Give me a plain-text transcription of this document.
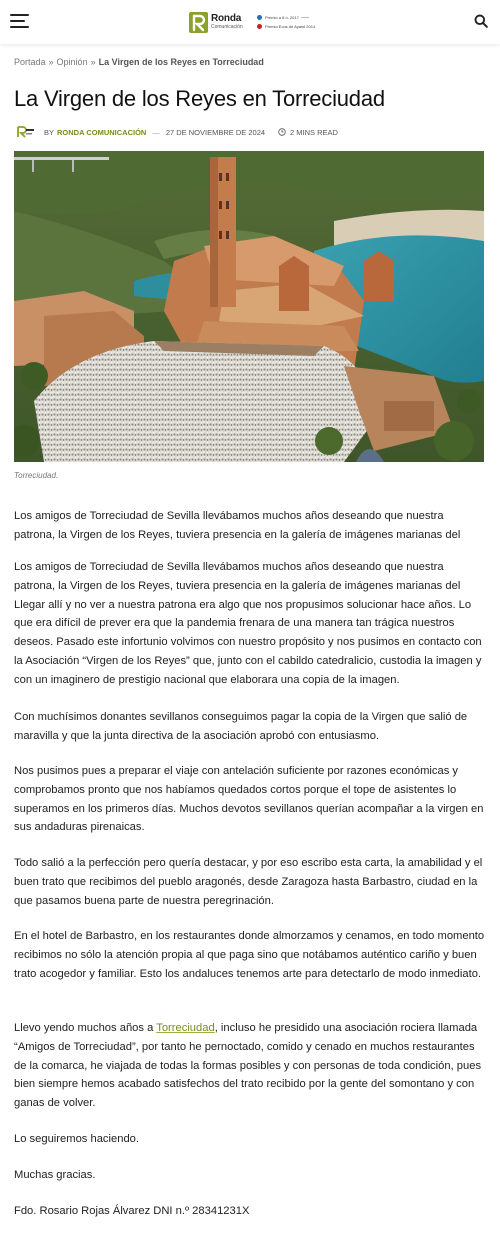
Ronda
Comunicación
Premio a 8 ó. 2017
Premio Ecos de Ayami 2014
Portada » Opinión » La Virgen de los Reyes en Torreciudad
La Virgen de los Reyes en Torreciudad
BY RONDA COMUNICACIÓN — 27 DE NOVIEMBRE DE 2024	2 MINS READ
Torreciudad.

Los amigos de Torreciudad de Sevilla llevábamos muchos años deseando que nuestra patrona, la Virgen de los Reyes, tuviera presencia en la galería de imágenes marianas del

Los amigos de Torreciudad de Sevilla llevábamos muchos años deseando que nuestra patrona, la Virgen de los Reyes, tuviera presencia en la galería de imágenes marianas del Llegar allí y no ver a nuestra patrona era algo que nos propusimos solucionar hace años. Lo que era difícil de prever era que la pandemia frenara de una manera tan trágica nuestros deseos. Pasado este infortunio volvimos con nuestro propósito y nos pusimos en contacto con la Asociación “Virgen de los Reyes” que, junto con el cabildo catedralicio, custodia la imagen y con un imaginero de prestigio nacional que elaborara una copia de la imagen.

Con muchísimos donantes sevillanos conseguimos pagar la copia de la Virgen que salió de maravilla y que la junta directiva de la asociación aprobó con entusiasmo.

Nos pusimos pues a preparar el viaje con antelación suficiente por razones económicas y comprobamos pronto que nos habíamos quedados cortos porque el tope de asistentes lo superamos en los primeros días. Muchos devotos sevillanos querían acompañar a la virgen en sus andaduras pirenaicas.

Todo salió a la perfección pero quería destacar, y por eso escribo esta carta, la amabilidad y el buen trato que recibimos del pueblo aragonés, desde Zaragoza hasta Barbastro, ciudad en la que pasamos buena parte de nuestra peregrinación.

En el hotel de Barbastro, en los restaurantes donde almorzamos y cenamos, en todo momento recibimos no sólo la atención propia al que paga sino que notábamos auténtico cariño y buen trato acogedor y familiar. Esto los andaluces tenemos arte para detectarlo de modo inmediato.

Llevo yendo muchos años a Torreciudad, incluso he presidido una asociación rociera llamada “Amigos de Torreciudad”, por tanto he pernoctado, comido y cenado en muchos restaurantes de la comarca, he viajada de todas la formas posibles y con personas de toda condición, pues bien siempre hemos acabado satisfechos del trato recibido por la gente del somontano y con ganas de volver.

Lo seguiremos haciendo.

Muchas gracias.

Fdo. Rosario Rojas Álvarez DNI n.º 28341231X
